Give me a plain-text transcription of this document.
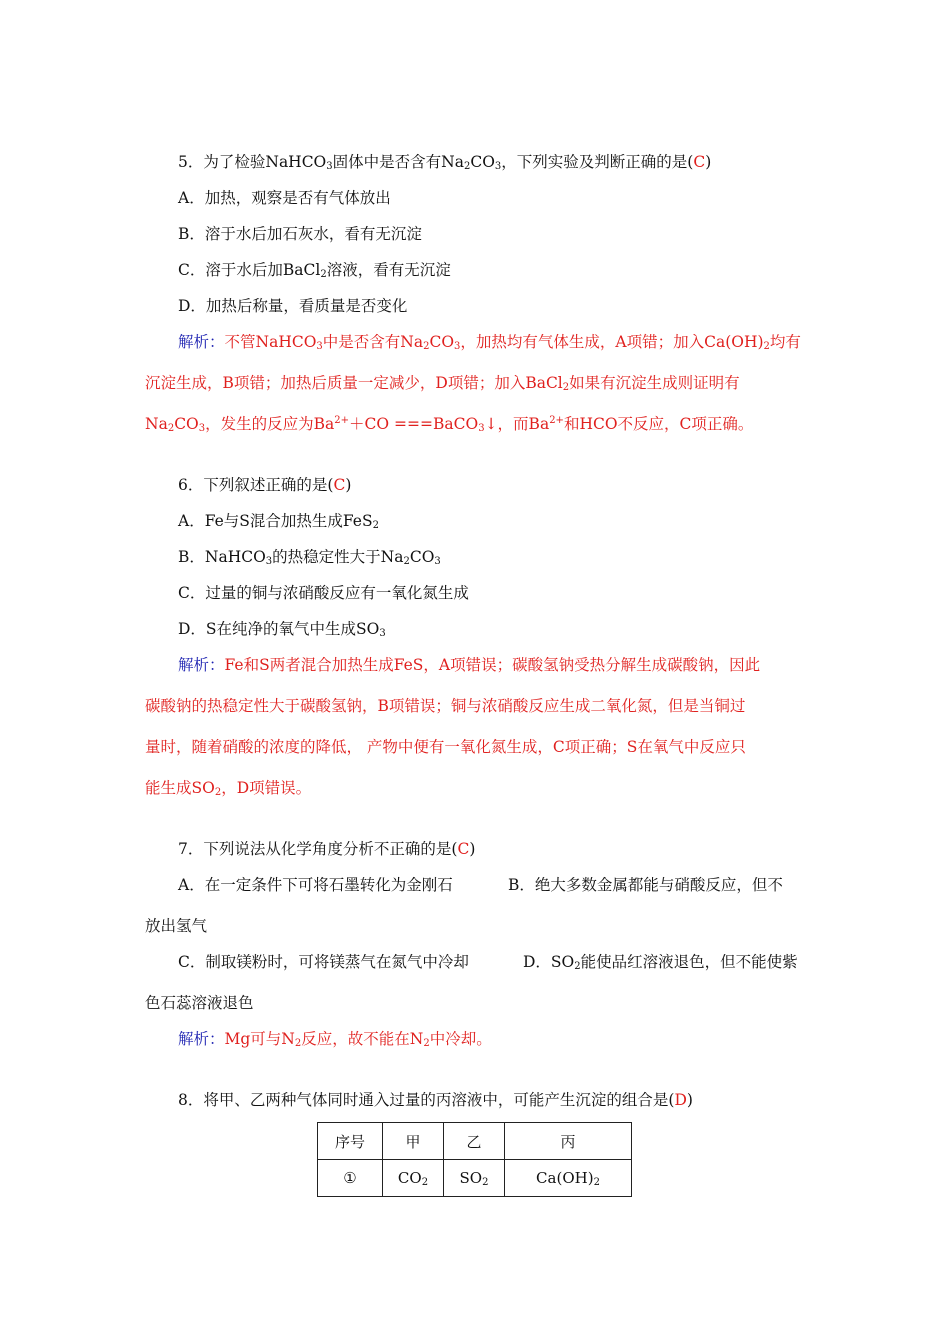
5．为了检验NaHCO$_3$固体中是否含有$Na_2CO_3$，下列实验及判断正确的是(C)
A．加热，观察是否有气体放出
B．溶于水后加石灰水，看有无沉淀
C．溶于水后加BaCl$_2$溶液，看有无沉淀
D．加热后称量，看质量是否变化
解析：不管NaHCO$_3$中是否含有$Na_2CO_3$，加热均有气体生成，A项错；加入$Ca(OH)_2$均有
沉淀生成，B项错；加热后质量一定减少，D项错；加入BaCl$_2$如果有沉淀生成则证明有
$Na_2CO_3$，发生的反应为$Ba^{2+}+CO$ ===BaCO$_3$↓，而$Ba^{2+}$和HCO不反应，C项正确。
6．下列叙述正确的是(C)
A．Fe与S混合加热生成FeS$_2$
B．NaHCO$_3$的热稳定性大于$Na_2CO_3$
C．过量的铜与浓硝酸反应有一氧化氮生成
D．S在纯净的氧气中生成$SO_3$
解析：Fe和S两者混合加热生成FeS，A项错误；碳酸氢钠受热分解生成碳酸钠，因此
碳酸钠的热稳定性大于碳酸氢钠，B项错误；铜与浓硝酸反应生成二氧化氮，但是当铜过
量时，随着硝酸的浓度的降低， 产物中便有一氧化氮生成，C项正确；S在氧气中反应只
能生成$SO_2$，D项错误。
7．下列说法从化学角度分析不正确的是(C)
A．在一定条件下可将石墨转化为金刚石	B．绝大多数金属都能与硝酸反应，但不
放出氢气
C．制取镁粉时，可将镁蒸气在氮气中冷却	D．$SO_2$能使品红溶液退色，但不能使紫
色石蕊溶液退色
解析：Mg可与$N_2$反应，故不能在$N_2$中冷却。
8．将甲、乙两种气体同时通入过量的丙溶液中，可能产生沉淀的组合是(D)
序号	甲	乙	丙
①	$CO_2$	$SO_2$	$Ca(OH)_2$
